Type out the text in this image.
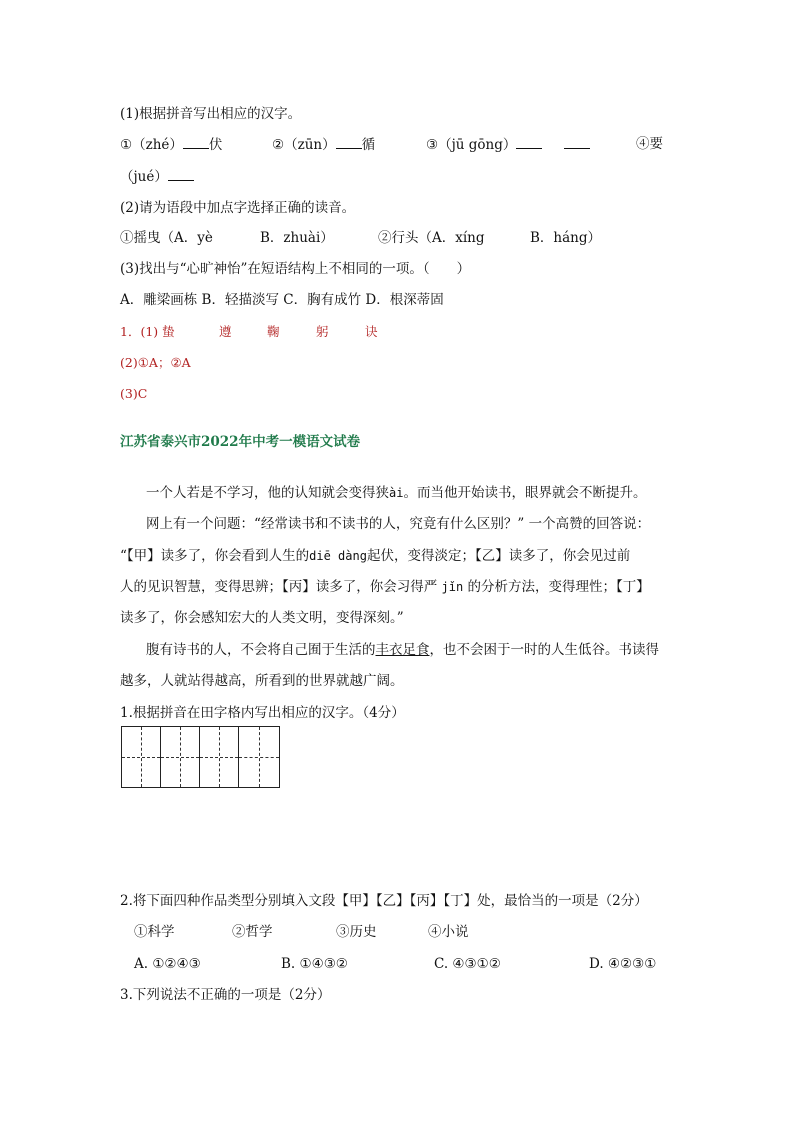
(1)根据拼音写出相应的汉字。
①（zhé） 伏	②（zūn） 循	③（jū gōng）	④要
（jué）
(2)请为语段中加点字选择正确的读音。
①摇曳（A．yè	B．zhuài）	②行头（A．xíng	B．háng）
(3)找出与“心旷神怡”在短语结构上不相同的一项。（　　）
A．雕梁画栋 B．轻描淡写 C．胸有成竹 D．根深蒂固
1．(1) 蛰	遵	鞠	躬	诀
(2)①A；②A
(3)C
江苏省泰兴市2022年中考一模语文试卷
一个人若是不学习，他的认知就会变得狭ài。而当他开始读书，眼界就会不断提升。
网上有一个问题：“经常读书和不读书的人，究竟有什么区别？” 一个高赞的回答说：
“【甲】读多了，你会看到人生的diē dàng起伏，变得淡定；【乙】读多了，你会见过前
人的见识智慧，变得思辨；【丙】读多了，你会习得严 jǐn 的分析方法，变得理性；【丁】
读多了，你会感知宏大的人类文明，变得深刻。”
腹有诗书的人，不会将自己囿于生活的丰衣足食，也不会困于一时的人生低谷。书读得
越多，人就站得越高，所看到的世界就越广阔。
1.根据拼音在田字格内写出相应的汉字。（4分）
2.将下面四种作品类型分别填入文段【甲】【乙】【丙】【丁】处，最恰当的一项是（2分）
①科学	②哲学	③历史	④小说
A. ①②④③	B. ①④③②	C. ④③①②	D. ④②③①
3.下列说法不正确的一项是（2分）
